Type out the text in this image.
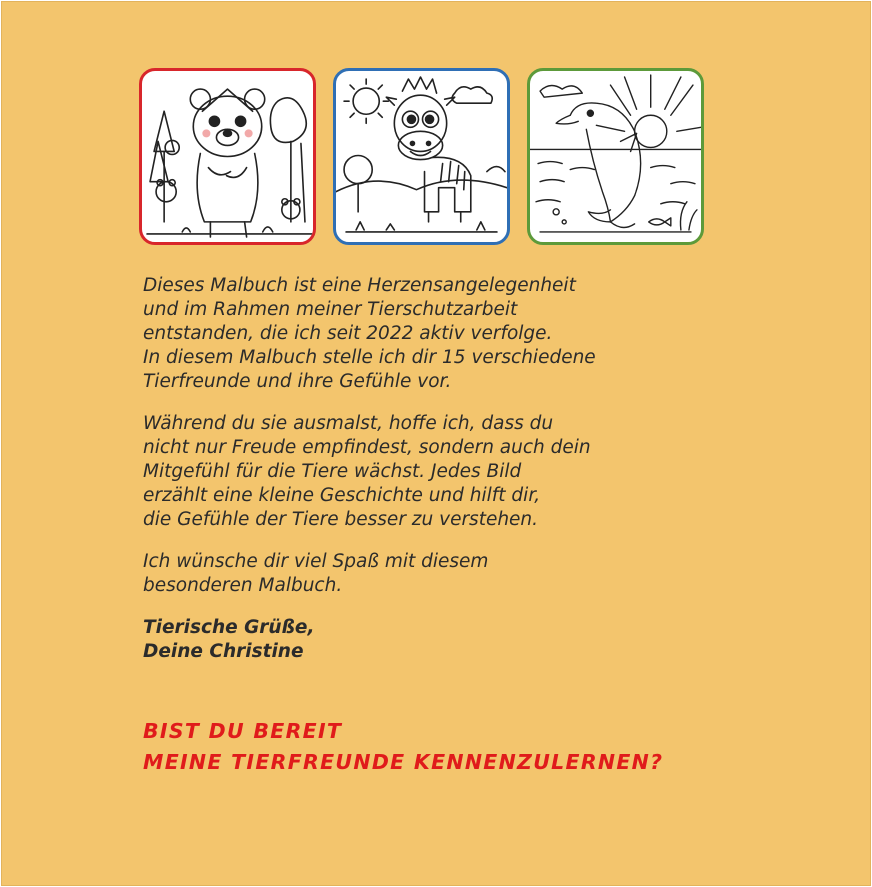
Dieses Malbuch ist eine Herzensangelegenheit
und im Rahmen meiner Tierschutzarbeit
entstanden, die ich seit 2022 aktiv verfolge.
In diesem Malbuch stelle ich dir 15 verschiedene
Tierfreunde und ihre Gefühle vor.
Während du sie ausmalst, hoffe ich, dass du
nicht nur Freude empfindest, sondern auch dein
Mitgefühl für die Tiere wächst. Jedes Bild
erzählt eine kleine Geschichte und hilft dir,
die Gefühle der Tiere besser zu verstehen.
Ich wünsche dir viel Spaß mit diesem
besonderen Malbuch.
Tierische Grüße,
Deine Christine
BIST DU BEREIT
MEINE TIERFREUNDE KENNENZULERNEN?
